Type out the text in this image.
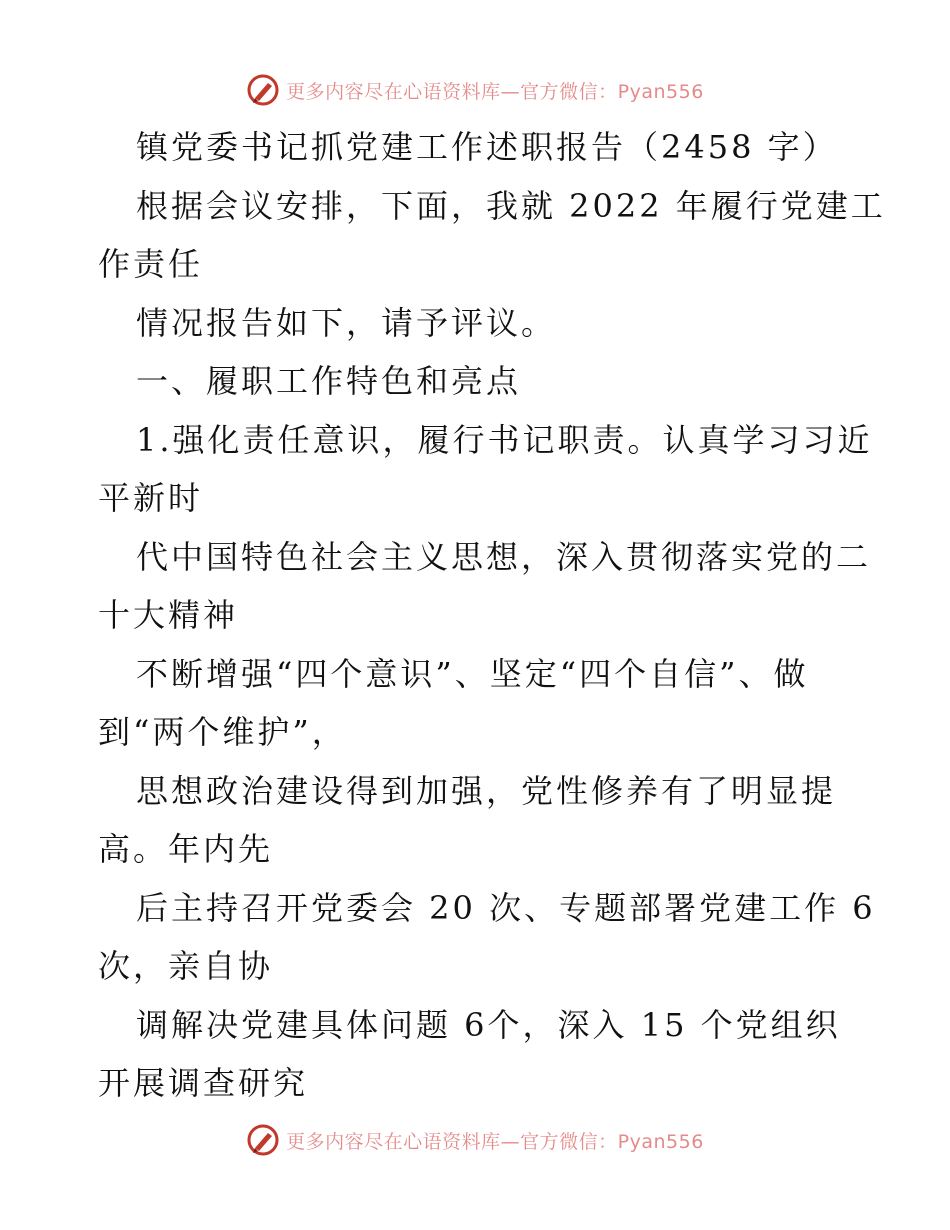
更多内容尽在心语资料库—官方微信：Pyan556
镇党委书记抓党建工作述职报告（2458 字）
根据会议安排，下面，我就 2022 年履行党建工
作责任
情况报告如下，请予评议。
一、履职工作特色和亮点
1.强化责任意识，履行书记职责。认真学习习近
平新时
代中国特色社会主义思想，深入贯彻落实党的二
十大精神
不断增强“四个意识”、坚定“四个自信”、做
到“两个维护”，
思想政治建设得到加强，党性修养有了明显提
高。年内先
后主持召开党委会 20 次、专题部署党建工作 6
次，亲自协
调解决党建具体问题 6个，深入 15 个党组织
开展调查研究
更多内容尽在心语资料库—官方微信：Pyan556
